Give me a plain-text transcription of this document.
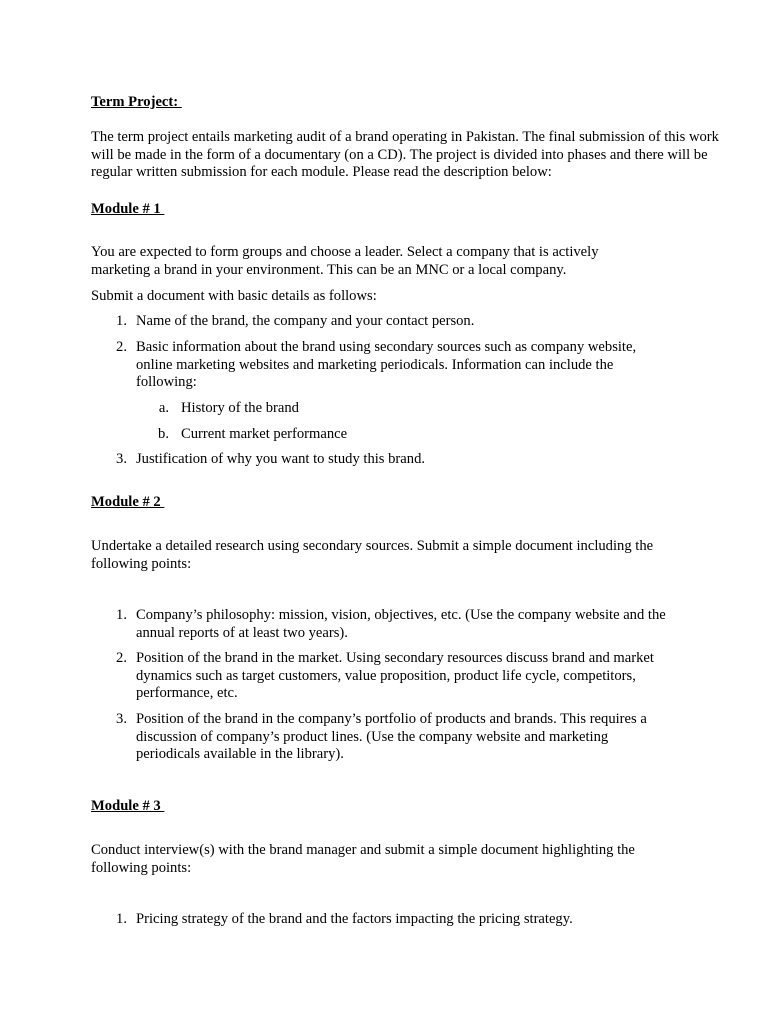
Term Project:

The term project entails marketing audit of a brand operating in Pakistan. The final submission of this work will be made in the form of a documentary (on a CD). The project is divided into phases and there will be regular written submission for each module. Please read the description below:

Module # 1

You are expected to form groups and choose a leader. Select a company that is actively marketing a brand in your environment. This can be an MNC or a local company.

Submit a document with basic details as follows:

1. Name of the brand, the company and your contact person.
2. Basic information about the brand using secondary sources such as company website, online marketing websites and marketing periodicals. Information can include the following:
a. History of the brand
b. Current market performance
3. Justification of why you want to study this brand.

Module # 2

Undertake a detailed research using secondary sources. Submit a simple document including the following points:

1. Company’s philosophy: mission, vision, objectives, etc. (Use the company website and the annual reports of at least two years).
2. Position of the brand in the market. Using secondary resources discuss brand and market dynamics such as target customers, value proposition, product life cycle, competitors, performance, etc.
3. Position of the brand in the company’s portfolio of products and brands. This requires a discussion of company’s product lines. (Use the company website and marketing periodicals available in the library).

Module # 3

Conduct interview(s) with the brand manager and submit a simple document highlighting the following points:

1. Pricing strategy of the brand and the factors impacting the pricing strategy.
